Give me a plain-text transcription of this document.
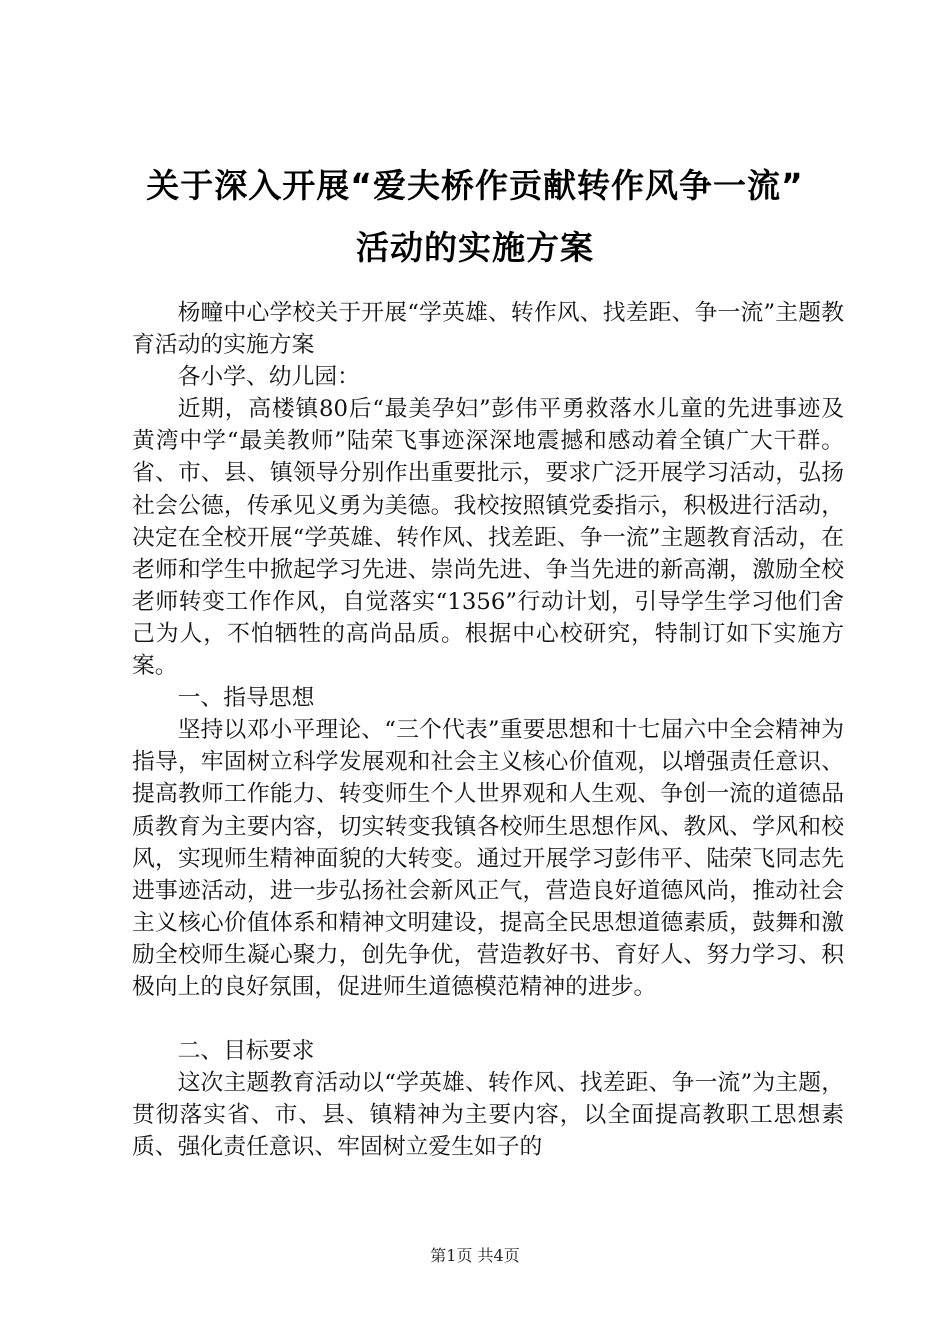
关于深入开展“爱夫桥作贡献转作风争一流”
活动的实施方案

杨疃中心学校关于开展“学英雄、转作风、找差距、争一流”主题教育活动的实施方案

各小学、幼儿园：

近期，高楼镇80后“最美孕妇”彭伟平勇救落水儿童的先进事迹及黄湾中学“最美教师”陆荣飞事迹深深地震撼和感动着全镇广大干群。省、市、县、镇领导分别作出重要批示，要求广泛开展学习活动，弘扬社会公德，传承见义勇为美德。我校按照镇党委指示，积极进行活动，决定在全校开展“学英雄、转作风、找差距、争一流”主题教育活动，在老师和学生中掀起学习先进、崇尚先进、争当先进的新高潮，激励全校老师转变工作作风，自觉落实“1356”行动计划，引导学生学习他们舍己为人，不怕牺牲的高尚品质。根据中心校研究，特制订如下实施方案。

一、指导思想

坚持以邓小平理论、“三个代表”重要思想和十七届六中全会精神为指导，牢固树立科学发展观和社会主义核心价值观，以增强责任意识、提高教师工作能力、转变师生个人世界观和人生观、争创一流的道德品质教育为主要内容，切实转变我镇各校师生思想作风、教风、学风和校风，实现师生精神面貌的大转变。通过开展学习彭伟平、陆荣飞同志先进事迹活动，进一步弘扬社会新风正气，营造良好道德风尚，推动社会主义核心价值体系和精神文明建设，提高全民思想道德素质，鼓舞和激励全校师生凝心聚力，创先争优，营造教好书、育好人、努力学习、积极向上的良好氛围，促进师生道德模范精神的进步。

二、目标要求

这次主题教育活动以“学英雄、转作风、找差距、争一流”为主题，贯彻落实省、市、县、镇精神为主要内容，以全面提高教职工思想素质、强化责任意识、牢固树立爱生如子的

第1页 共4页
